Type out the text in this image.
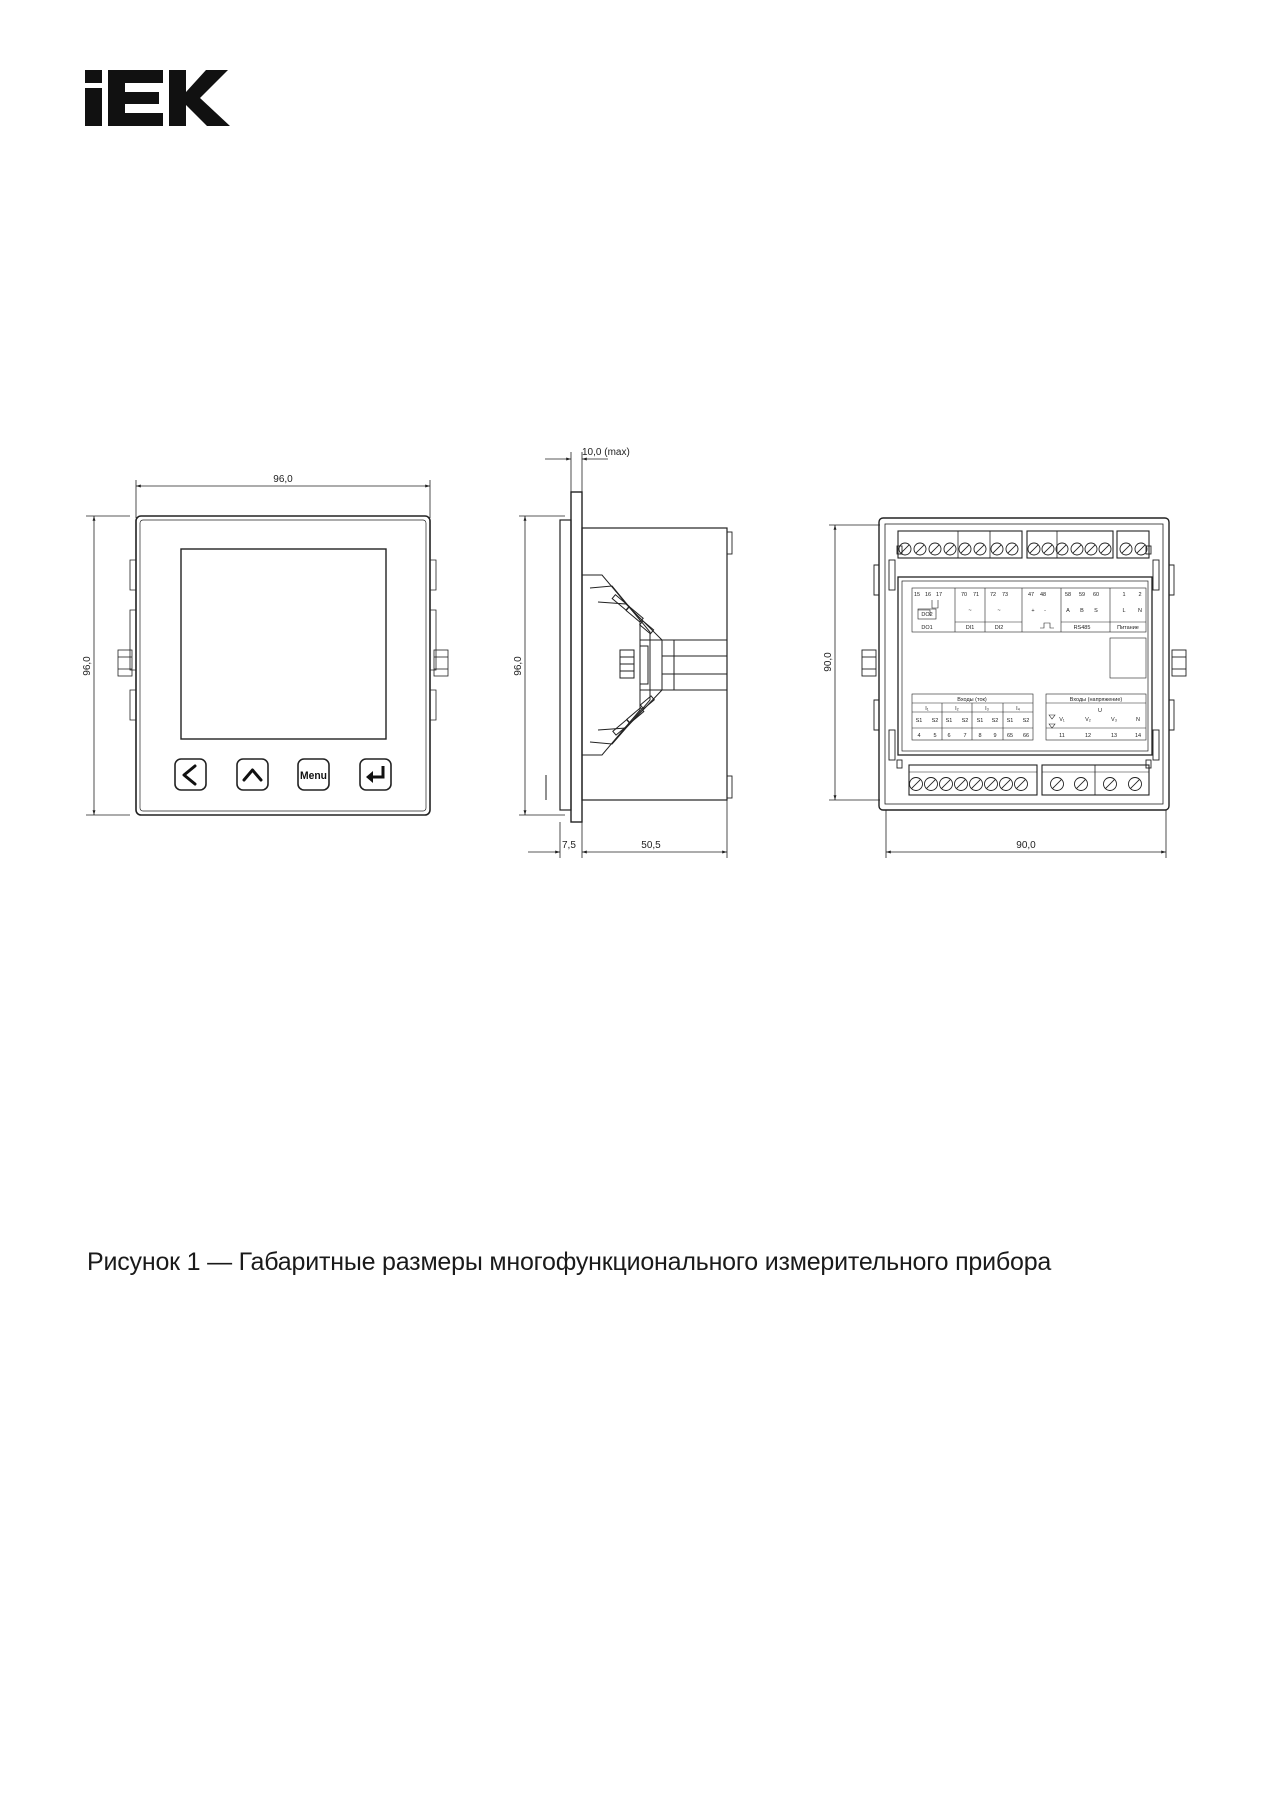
96,0
96,0
Menu
10,0 (max)
96,0
7,5	50,5
90,0
90,0
15 16 17	70 71 72 73	47 48	58 59 60	1 2
~	~	+ -	A B S	L N
DO2
DO1	DI1	DI2	RS485	Питание
Входы (ток)	Входы (напряжение)
I₁	I₂	I₃	I₄
S1 S2 S1 S2 S1 S2 S1 S2
4 5 6 7 8 9 65 66
U
V₁	V₂	V₃	N
11	12	13	14
Рисунок 1 — Габаритные размеры многофункционального измерительного прибора
